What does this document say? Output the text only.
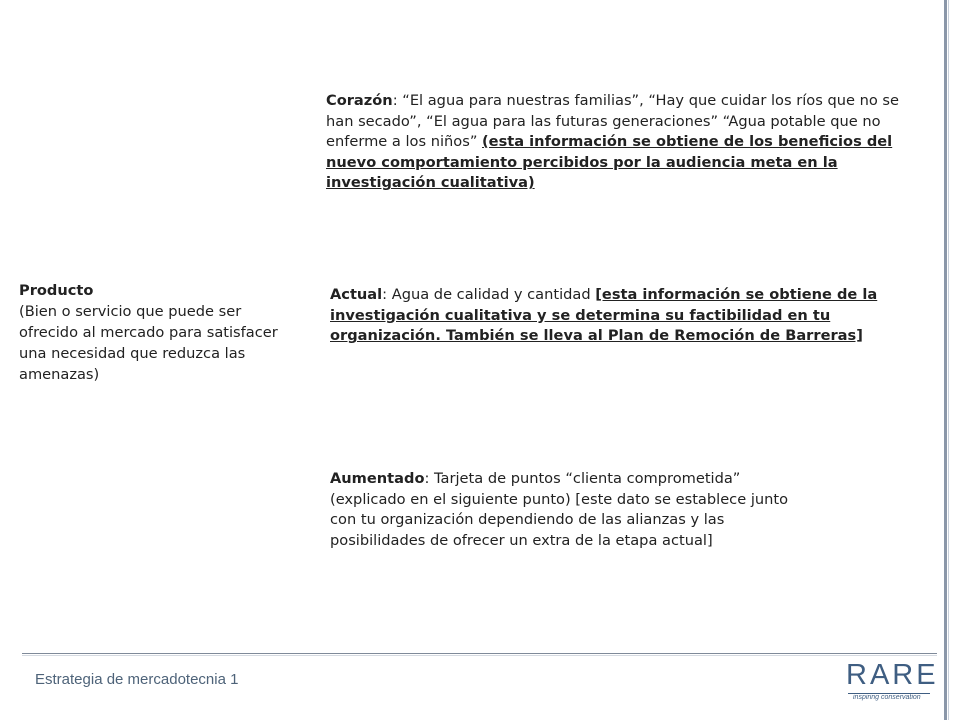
Producto
(Bien o servicio que puede ser ofrecido al mercado para satisfacer una necesidad que reduzca las amenazas)
Corazón: “El agua para nuestras familias”, “Hay que cuidar los ríos que no se han secado”, “El agua para las futuras generaciones” “Agua potable que no enferme a los niños” (esta información se obtiene de los beneficios del nuevo comportamiento percibidos por la audiencia meta en la investigación cualitativa)
Actual: Agua de calidad y cantidad [esta información se obtiene de la investigación cualitativa y se determina su factibilidad en tu organización. También se lleva al Plan de Remoción de Barreras]
Aumentado: Tarjeta de puntos “clienta comprometida” (explicado en el siguiente punto) [este dato se establece junto con tu organización dependiendo de las alianzas y las posibilidades de ofrecer un extra de la etapa actual]
Estrategia de mercadotecnia 1	RARE
inspiring conservation
